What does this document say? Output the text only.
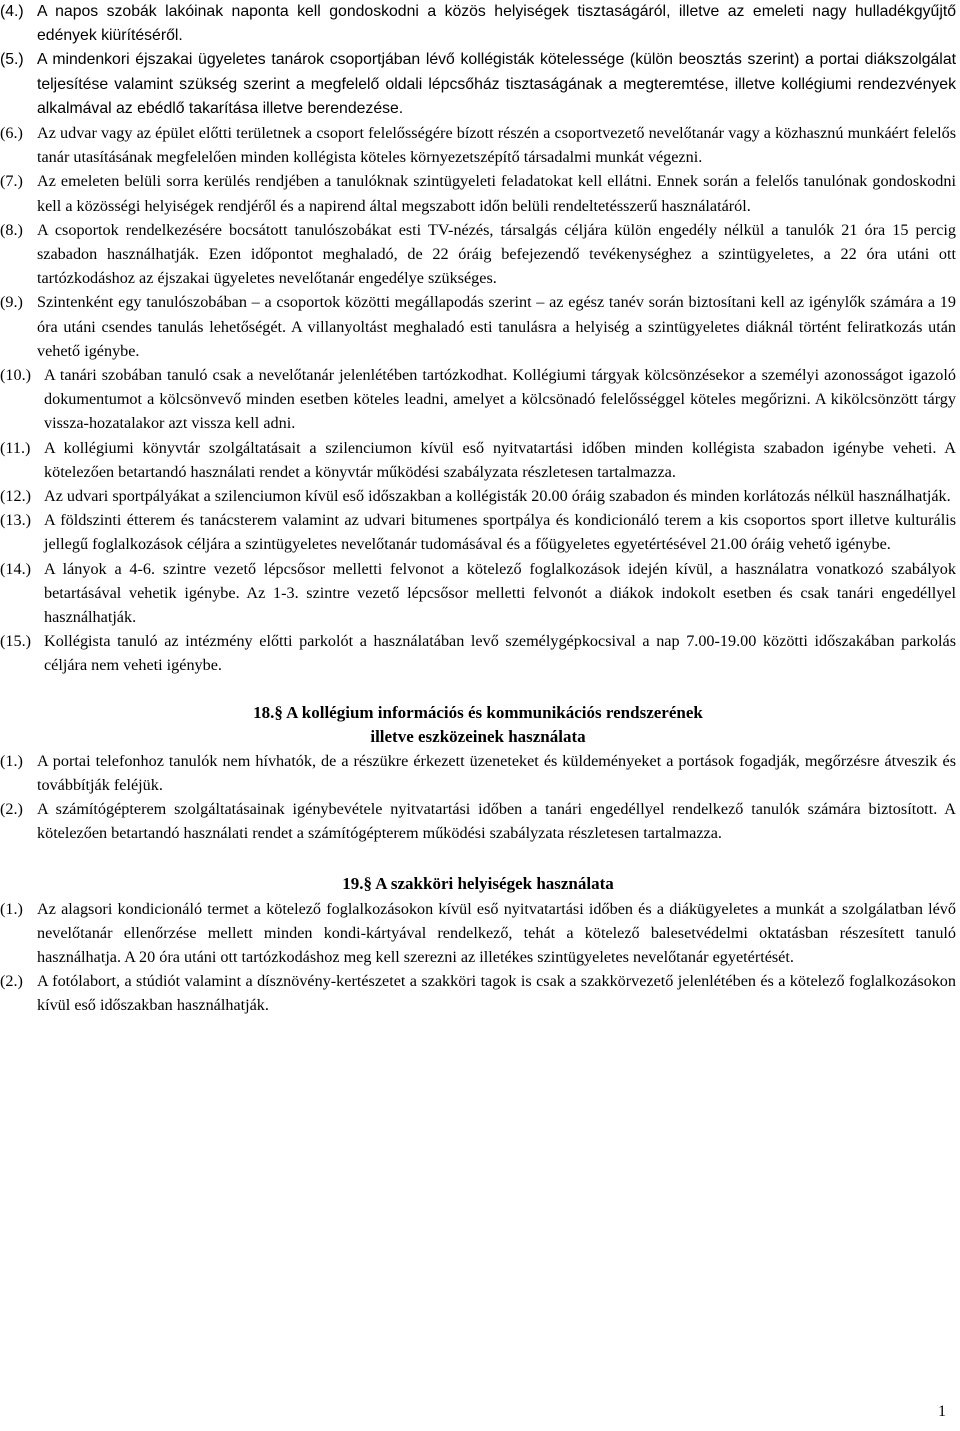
(4.) A napos szobák lakóinak naponta kell gondoskodni a közös helyiségek tisztaságáról, illetve az emeleti nagy hulladékgyűjtő edények kiürítéséről.
(5.) A mindenkori éjszakai ügyeletes tanárok csoportjában lévő kollégisták kötelessége (külön beosztás szerint) a portai diákszolgálat teljesítése valamint szükség szerint a megfelelő oldali lépcsőház tisztaságának a megteremtése, illetve kollégiumi rendezvények alkalmával az ebédlő takarítása illetve berendezése.
(6.) Az udvar vagy az épület előtti területnek a csoport felelősségére bízott részén a csoportvezető nevelőtanár vagy a közhasznú munkáért felelős tanár utasításának megfelelően minden kollégista köteles környezetszépítő társadalmi munkát végezni.
(7.) Az emeleten belüli sorra kerülés rendjében a tanulóknak szintügyeleti feladatokat kell ellátni. Ennek során a felelős tanulónak gondoskodni kell a közösségi helyiségek rendjéről és a napirend által megszabott időn belüli rendeltetésszerű használatáról.
(8.) A csoportok rendelkezésére bocsátott tanulószobákat esti TV-nézés, társalgás céljára külön engedély nélkül a tanulók 21 óra 15 percig szabadon használhatják. Ezen időpontot meghaladó, de 22 óráig befejezendő tevékenységhez a szintügyeletes, a 22 óra utáni ott tartózkodáshoz az éjszakai ügyeletes nevelőtanár engedélye szükséges.
(9.) Szintenként egy tanulószobában – a csoportok közötti megállapodás szerint – az egész tanév során biztosítani kell az igénylők számára a 19 óra utáni csendes tanulás lehetőségét. A villanyoltást meghaladó esti tanulásra a helyiség a szintügyeletes diáknál történt feliratkozás után vehető igénybe.
(10.) A tanári szobában tanuló csak a nevelőtanár jelenlétében tartózkodhat. Kollégiumi tárgyak kölcsönzésekor a személyi azonosságot igazoló dokumentumot a kölcsönvevő minden esetben köteles leadni, amelyet a kölcsönadó felelősséggel köteles megőrizni. A kikölcsönzött tárgy vissza-hozatalakor azt vissza kell adni.
(11.) A kollégiumi könyvtár szolgáltatásait a szilenciumon kívül eső nyitvatartási időben minden kollégista szabadon igénybe veheti. A kötelezően betartandó használati rendet a könyvtár működési szabályzata részletesen tartalmazza.
(12.) Az udvari sportpályákat a szilenciumon kívül eső időszakban a kollégisták 20.00 óráig szabadon és minden korlátozás nélkül használhatják.
(13.) A földszinti étterem és tanácsterem valamint az udvari bitumenes sportpálya és kondicionáló terem a kis csoportos sport illetve kulturális jellegű foglalkozások céljára a szintügyeletes nevelőtanár tudomásával és a főügyeletes egyetértésével 21.00 óráig vehető igénybe.
(14.) A lányok a 4-6. szintre vezető lépcsősor melletti felvonot a kötelező foglalkozások idején kívül, a használatra vonatkozó szabályok betartásával vehetik igénybe. Az 1-3. szintre vezető lépcsősor melletti felvonót a diákok indokolt esetben és csak tanári engedéllyel használhatják.
(15.) Kollégista tanuló az intézmény előtti parkolót a használatában levő személygépkocsival a nap 7.00-19.00 közötti időszakában parkolás céljára nem veheti igénybe.
18.§ A kollégium információs és kommunikációs rendszerének
illetve eszközeinek használata
(1.) A portai telefonhoz tanulók nem hívhatók, de a részükre érkezett üzeneteket és küldeményeket a portások fogadják, megőrzésre átveszik és továbbítják feléjük.
(2.) A számítógépterem szolgáltatásainak igénybevétele nyitvatartási időben a tanári engedéllyel rendelkező tanulók számára biztosított. A kötelezően betartandó használati rendet a számítógépterem működési szabályzata részletesen tartalmazza.
19.§ A szakköri helyiségek használata
(1.) Az alagsori kondicionáló termet a kötelező foglalkozásokon kívül eső nyitvatartási időben és a diákügyeletes a munkát a szolgálatban lévő nevelőtanár ellenőrzése mellett minden kondi-kártyával rendelkező, tehát a kötelező balesetvédelmi oktatásban részesített tanuló használhatja. A 20 óra utáni ott tartózkodáshoz meg kell szerezni az illetékes szintügyeletes nevelőtanár egyetértését.
(2.) A fotólabort, a stúdiót valamint a dísznövény-kertészetet a szakköri tagok is csak a szakkörvezető jelenlétében és a kötelező foglalkozásokon kívül eső időszakban használhatják.
1
